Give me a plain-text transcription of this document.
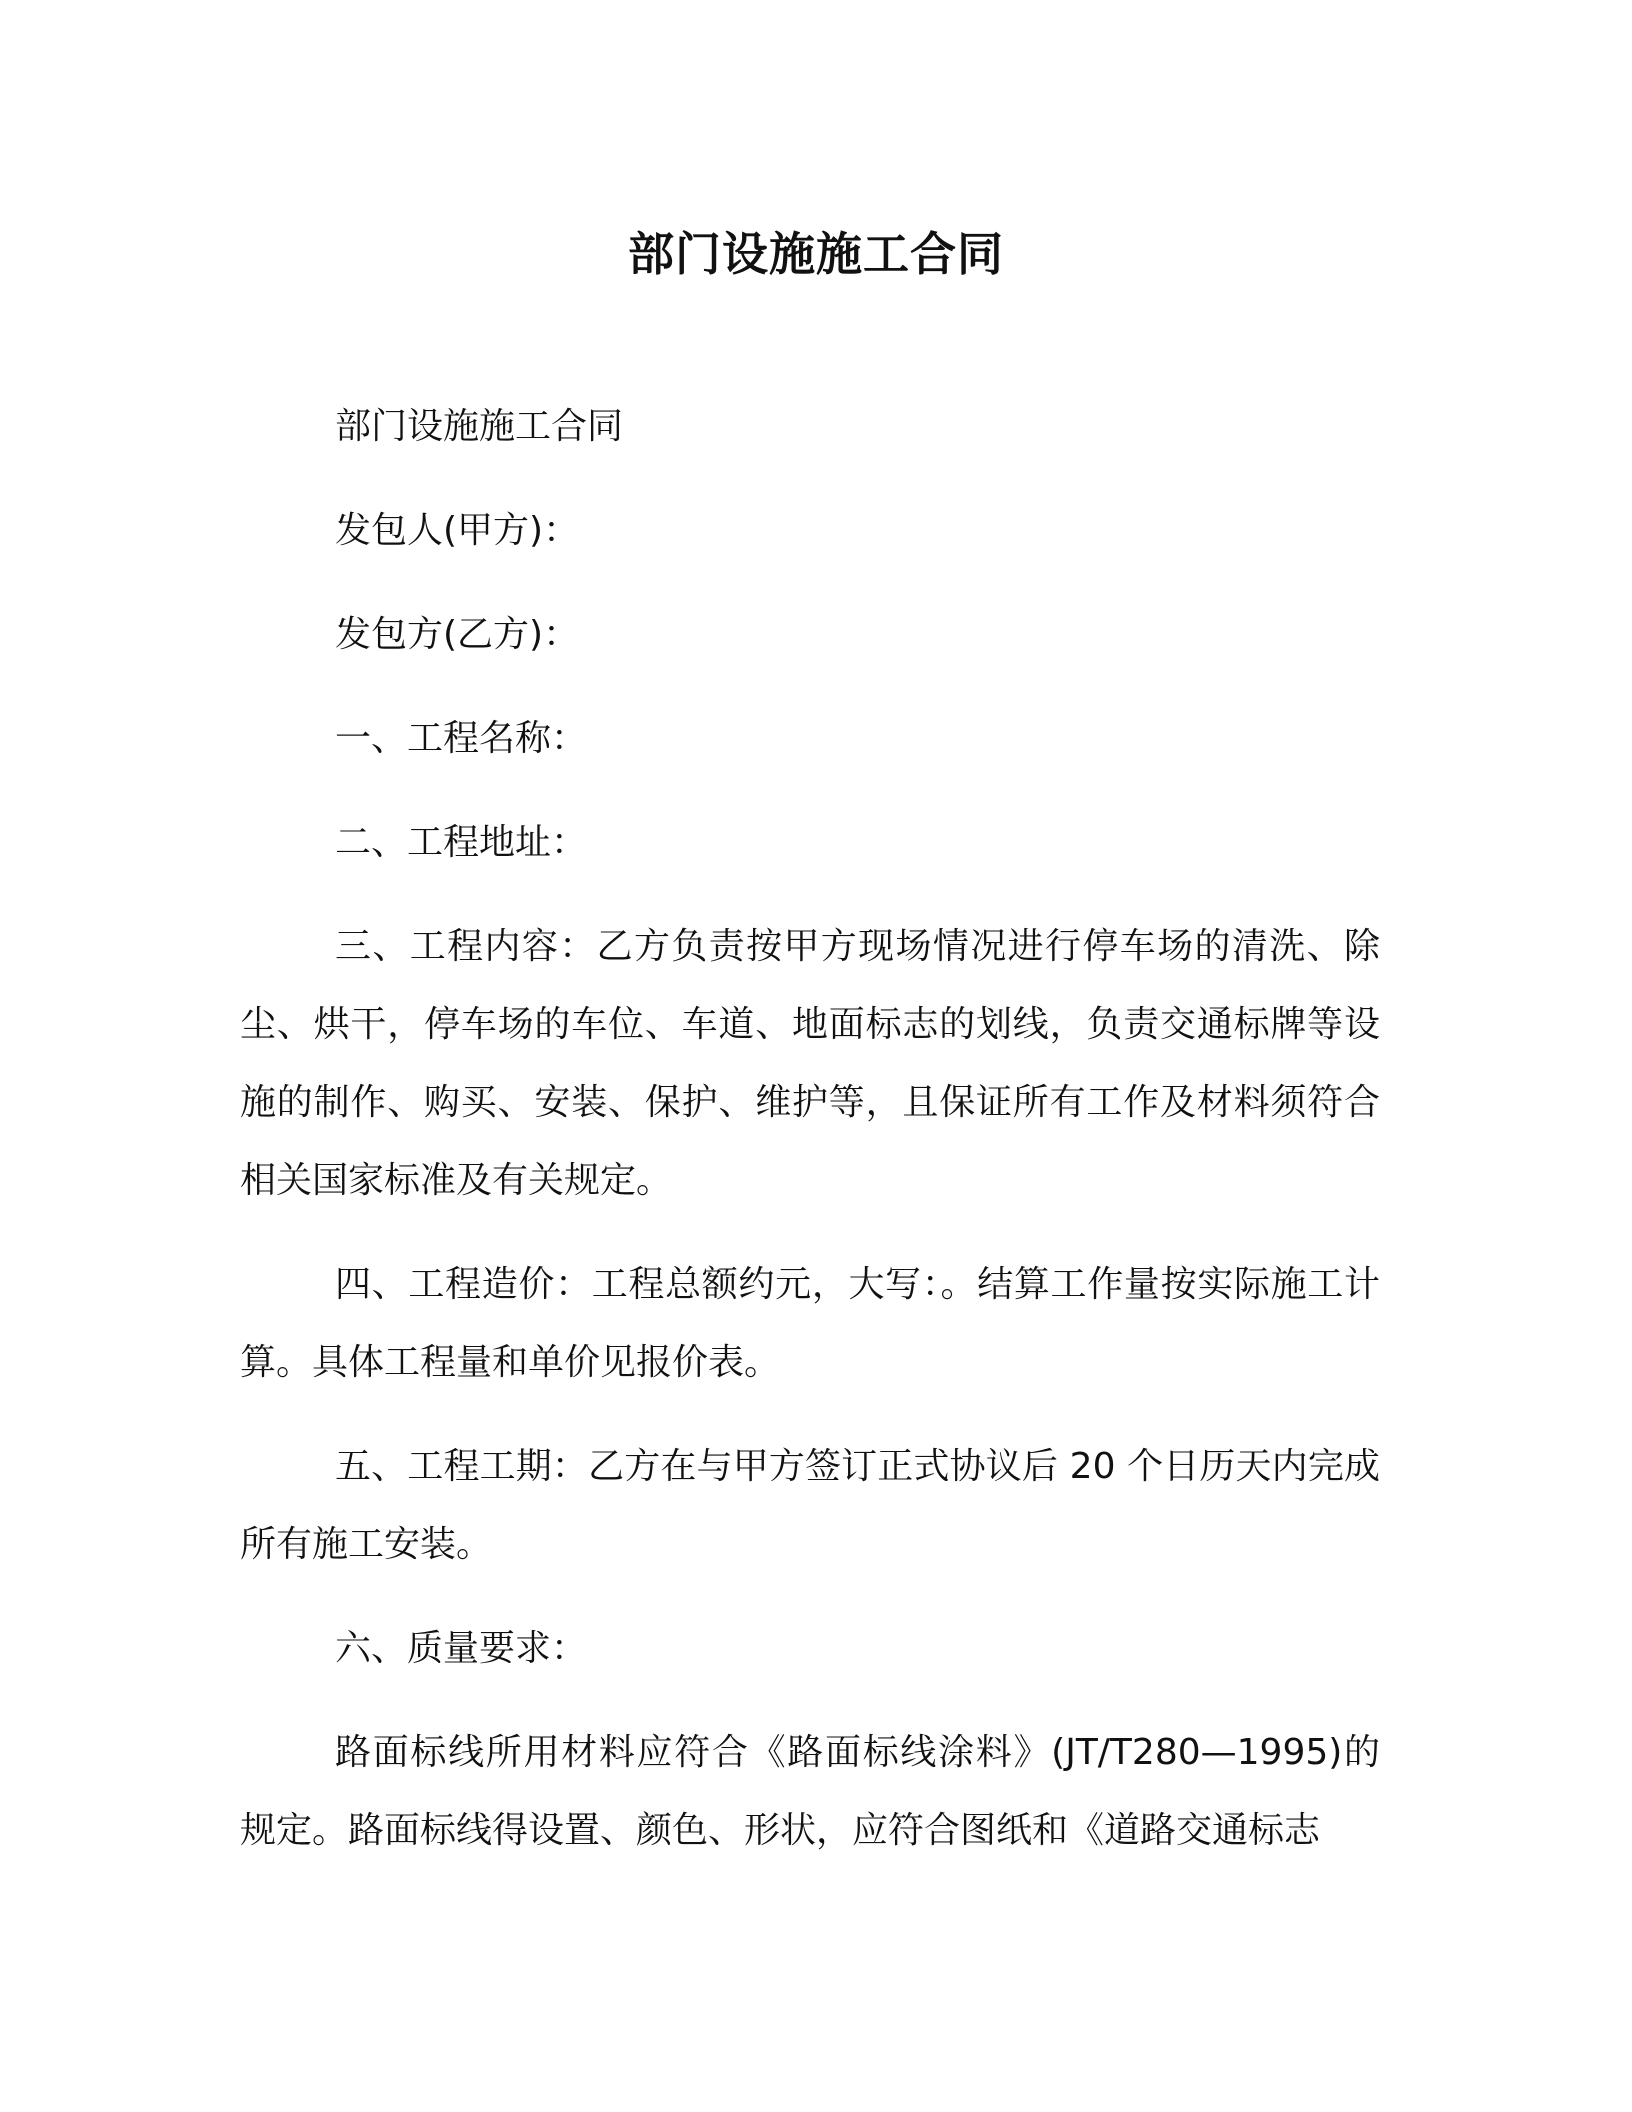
部门设施施工合同

部门设施施工合同

发包人(甲方)：

发包方(乙方)：

一、工程名称：

二、工程地址：

三、工程内容：乙方负责按甲方现场情况进行停车场的清洗、除尘、烘干，停车场的车位、车道、地面标志的划线，负责交通标牌等设施的制作、购买、安装、保护、维护等，且保证所有工作及材料须符合相关国家标准及有关规定。

四、工程造价：工程总额约元，大写：。结算工作量按实际施工计算。具体工程量和单价见报价表。

五、工程工期：乙方在与甲方签订正式协议后 20 个日历天内完成所有施工安装。

六、质量要求：

路面标线所用材料应符合《路面标线涂料》(JT/T280—1995)的规定。路面标线得设置、颜色、形状，应符合图纸和《道路交通标志
